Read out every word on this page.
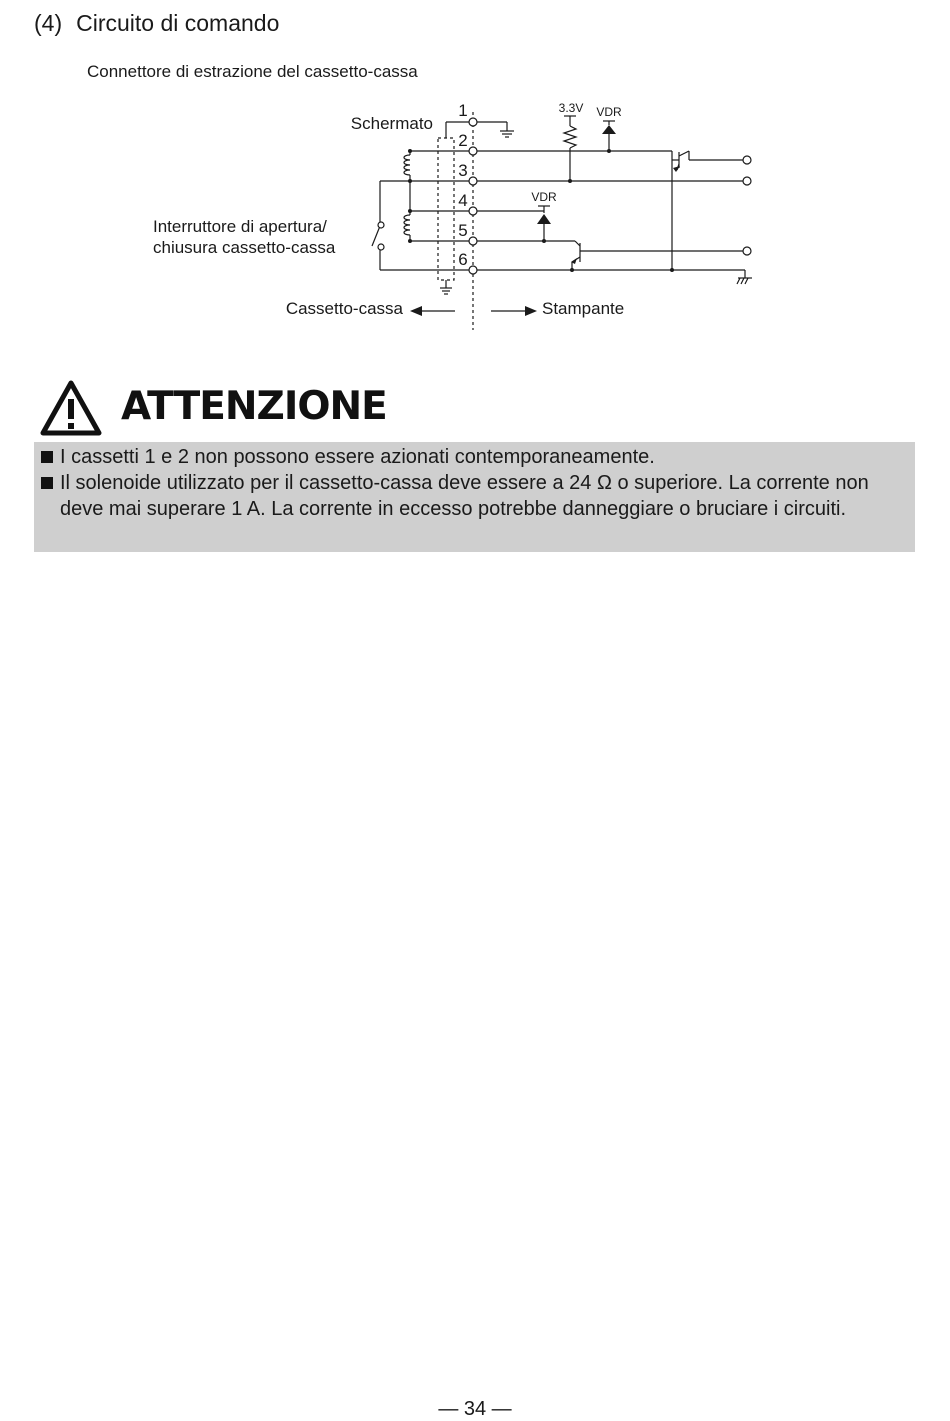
(4) Circuito di comando
Connettore di estrazione del cassetto-cassa
Schermato
Interruttore di apertura/
chiusura cassetto-cassa
Cassetto-cassa	Stampante
1
2
3
4
5
6
3.3V VDR
VDR
ATTENZIONE
I cassetti 1 e 2 non possono essere azionati contemporaneamente.
Il solenoide utilizzato per il cassetto-cassa deve essere a 24 Ω o superiore. La corrente non deve mai superare 1 A. La corrente in eccesso potrebbe danneggiare o bruciare i circuiti.
— 34 —
